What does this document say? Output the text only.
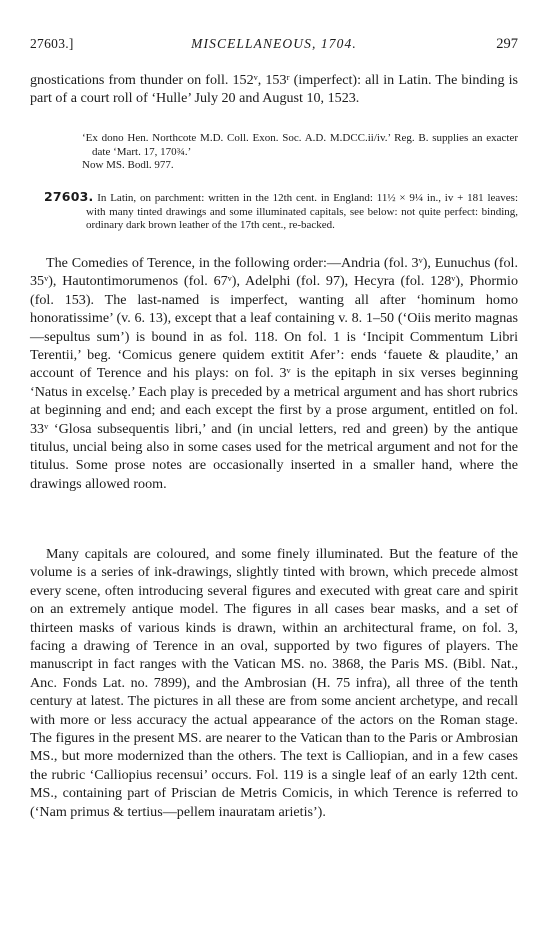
27603.]	MISCELLANEOUS, 1704.	297

gnostications from thunder on foll. 152ᵛ, 153ʳ (imperfect): all in Latin. The binding is part of a court roll of ‘Hulle’ July 20 and August 10, 1523.

‘Ex dono Hen. Northcote M.D. Coll. Exon. Soc. A.D. M.DCC.ii/iv.’ Reg. B. supplies an exacter date ‘Mart. 17, 170¾.’

Now MS. Bodl. 977.

27603. In Latin, on parchment: written in the 12th cent. in England: 11½ × 9¼ in., iv + 181 leaves: with many tinted drawings and some illuminated capitals, see below: not quite perfect: binding, ordinary dark brown leather of the 17th cent., re-backed.

The Comedies of Terence, in the following order:—Andria (fol. 3ᵛ), Eunuchus (fol. 35ᵛ), Hautontimorumenos (fol. 67ᵛ), Adelphi (fol. 97), Hecyra (fol. 128ᵛ), Phormio (fol. 153). The last-named is imperfect, wanting all after ‘hominum homo honoratissime’ (v. 6. 13), except that a leaf containing v. 8. 1–50 (‘Oiis merito magnas—sepultus sum’) is bound in as fol. 118. On fol. 1 is ‘Incipit Commentum Libri Terentii,’ beg. ‘Comicus genere quidem extitit Afer’: ends ‘fauete & plaudite,’ an account of Terence and his plays: on fol. 3ᵛ is the epitaph in six verses beginning ‘Natus in excelsę.’ Each play is preceded by a metrical argument and has short rubrics at beginning and end; and each except the first by a prose argument, entitled on fol. 33ᵛ ‘Glosa subsequentis libri,’ and (in uncial letters, red and green) by the antique titulus, uncial being also in some cases used for the metrical argument and not for the titulus. Some prose notes are occasionally inserted in a smaller hand, where the drawings allowed room.

Many capitals are coloured, and some finely illuminated. But the feature of the volume is a series of ink-drawings, slightly tinted with brown, which precede almost every scene, often introducing several figures and executed with great care and spirit on an extremely antique model. The figures in all cases bear masks, and a set of thirteen masks of various kinds is drawn, within an architectural frame, on fol. 3, facing a drawing of Terence in an oval, supported by two figures of players. The manuscript in fact ranges with the Vatican MS. no. 3868, the Paris MS. (Bibl. Nat., Anc. Fonds Lat. no. 7899), and the Ambrosian (H. 75 infra), all three of the tenth century at latest. The pictures in all these are from some ancient archetype, and recall with more or less accuracy the actual appearance of the actors on the Roman stage. The figures in the present MS. are nearer to the Vatican than to the Paris or Ambrosian MS., but more modernized than the others. The text is Calliopian, and in a few cases the rubric ‘Calliopius recensui’ occurs. Fol. 119 is a single leaf of an early 12th cent. MS., containing part of Priscian de Metris Comicis, in which Terence is referred to (‘Nam primus & tertius—pellem inauratam arietis’).
